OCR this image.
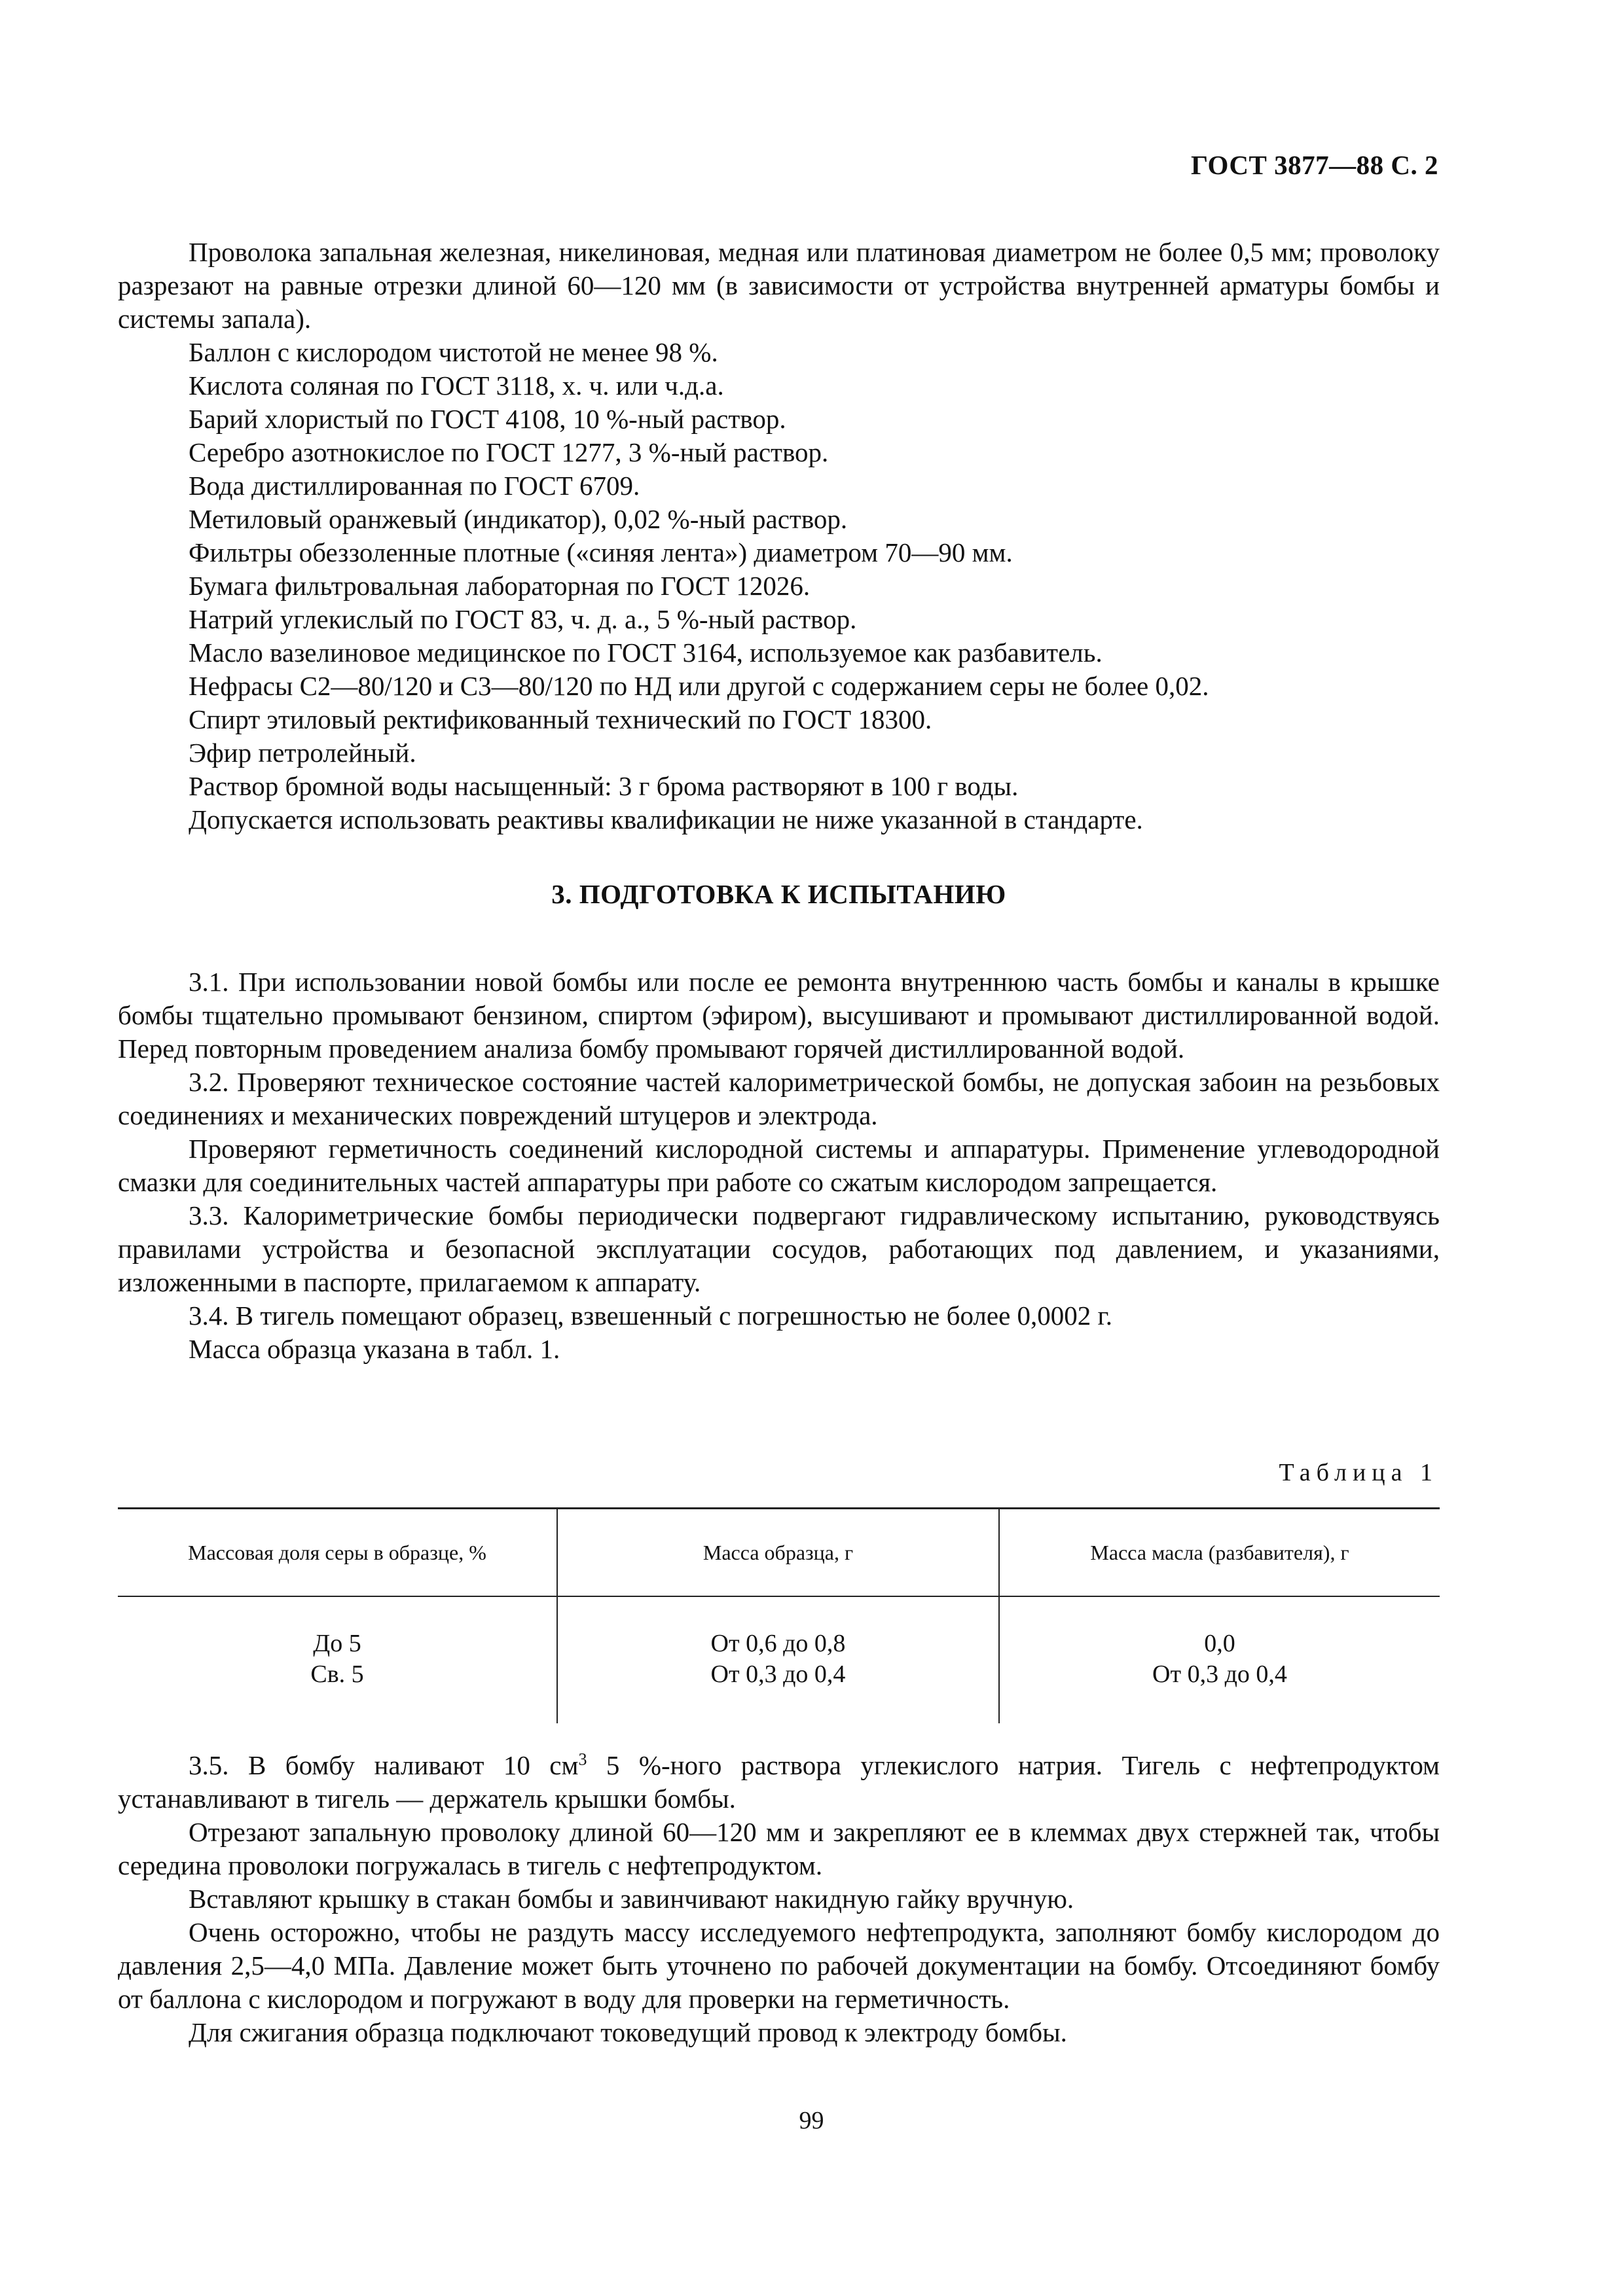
ГОСТ 3877—88 С. 2

Проволока запальная железная, никелиновая, медная или платиновая диаметром не более 0,5 мм; проволоку разрезают на равные отрезки длиной 60—120 мм (в зависимости от устройства внутренней арматуры бомбы и системы запала).

Баллон с кислородом чистотой не менее 98 %.

Кислота соляная по ГОСТ 3118, х. ч. или ч.д.а.

Барий хлористый по ГОСТ 4108, 10 %-ный раствор.

Серебро азотнокислое по ГОСТ 1277, 3 %-ный раствор.

Вода дистиллированная по ГОСТ 6709.

Метиловый оранжевый (индикатор), 0,02 %-ный раствор.

Фильтры обеззоленные плотные («синяя лента») диаметром 70—90 мм.

Бумага фильтровальная лабораторная по ГОСТ 12026.

Натрий углекислый по ГОСТ 83, ч. д. а., 5 %-ный раствор.

Масло вазелиновое медицинское по ГОСТ 3164, используемое как разбавитель.

Нефрасы С2—80/120 и С3—80/120 по НД или другой с содержанием серы не более 0,02.

Спирт этиловый ректификованный технический по ГОСТ 18300.

Эфир петролейный.

Раствор бромной воды насыщенный: 3 г брома растворяют в 100 г воды.

Допускается использовать реактивы квалификации не ниже указанной в стандарте.

3. ПОДГОТОВКА К ИСПЫТАНИЮ

3.1. При использовании новой бомбы или после ее ремонта внутреннюю часть бомбы и каналы в крышке бомбы тщательно промывают бензином, спиртом (эфиром), высушивают и промывают дистиллированной водой. Перед повторным проведением анализа бомбу промывают горячей дистиллированной водой.

3.2. Проверяют техническое состояние частей калориметрической бомбы, не допуская забоин на резьбовых соединениях и механических повреждений штуцеров и электрода.

Проверяют герметичность соединений кислородной системы и аппаратуры. Применение углеводородной смазки для соединительных частей аппаратуры при работе со сжатым кислородом запрещается.

3.3. Калориметрические бомбы периодически подвергают гидравлическому испытанию, руководствуясь правилами устройства и безопасной эксплуатации сосудов, работающих под давлением, и указаниями, изложенными в паспорте, прилагаемом к аппарату.

3.4. В тигель помещают образец, взвешенный с погрешностью не более 0,0002 г.

Масса образца указана в табл. 1.

Таблица 1
Массовая доля серы в образце, %	Масса образца, г	Масса масла (разбавителя), г
До 5
Св. 5
От 0,6 до 0,8
От 0,3 до 0,4
0,0
От 0,3 до 0,4

3.5. В бомбу наливают 10 $см^3$ 5 %-ного раствора углекислого натрия. Тигель с нефтепродуктом устанавливают в тигель — держатель крышки бомбы.

Отрезают запальную проволоку длиной 60—120 мм и закрепляют ее в клеммах двух стержней так, чтобы середина проволоки погружалась в тигель с нефтепродуктом.

Вставляют крышку в стакан бомбы и завинчивают накидную гайку вручную.

Очень осторожно, чтобы не раздуть массу исследуемого нефтепродукта, заполняют бомбу кислородом до давления 2,5—4,0 МПа. Давление может быть уточнено по рабочей документации на бомбу. Отсоединяют бомбу от баллона с кислородом и погружают в воду для проверки на герметичность.

Для сжигания образца подключают токоведущий провод к электроду бомбы.

99
